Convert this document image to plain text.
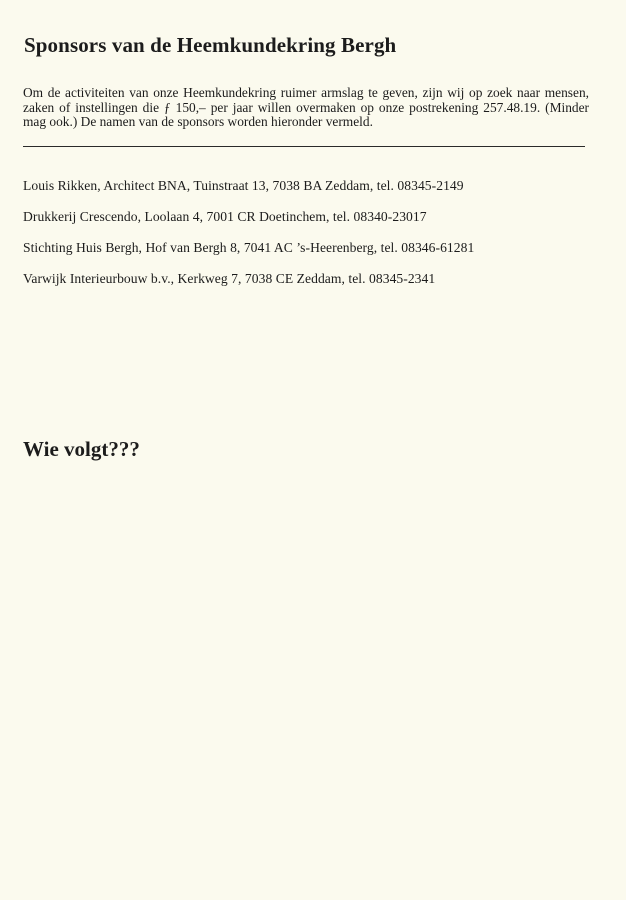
Sponsors van de Heemkundekring Bergh

Om de activiteiten van onze Heemkundekring ruimer armslag te geven, zijn wij op zoek naar mensen, zaken of instellingen die ƒ 150,– per jaar willen overmaken op onze postrekening 257.48.19. (Minder mag ook.) De namen van de sponsors worden hieronder vermeld.

Louis Rikken, Architect BNA, Tuinstraat 13, 7038 BA Zeddam, tel. 08345-2149
Drukkerij Crescendo, Loolaan 4, 7001 CR Doetinchem, tel. 08340-23017
Stichting Huis Bergh, Hof van Bergh 8, 7041 AC ’s-Heerenberg, tel. 08346-61281
Varwijk Interieurbouw b.v., Kerkweg 7, 7038 CE Zeddam, tel. 08345-2341
Wie volgt???
